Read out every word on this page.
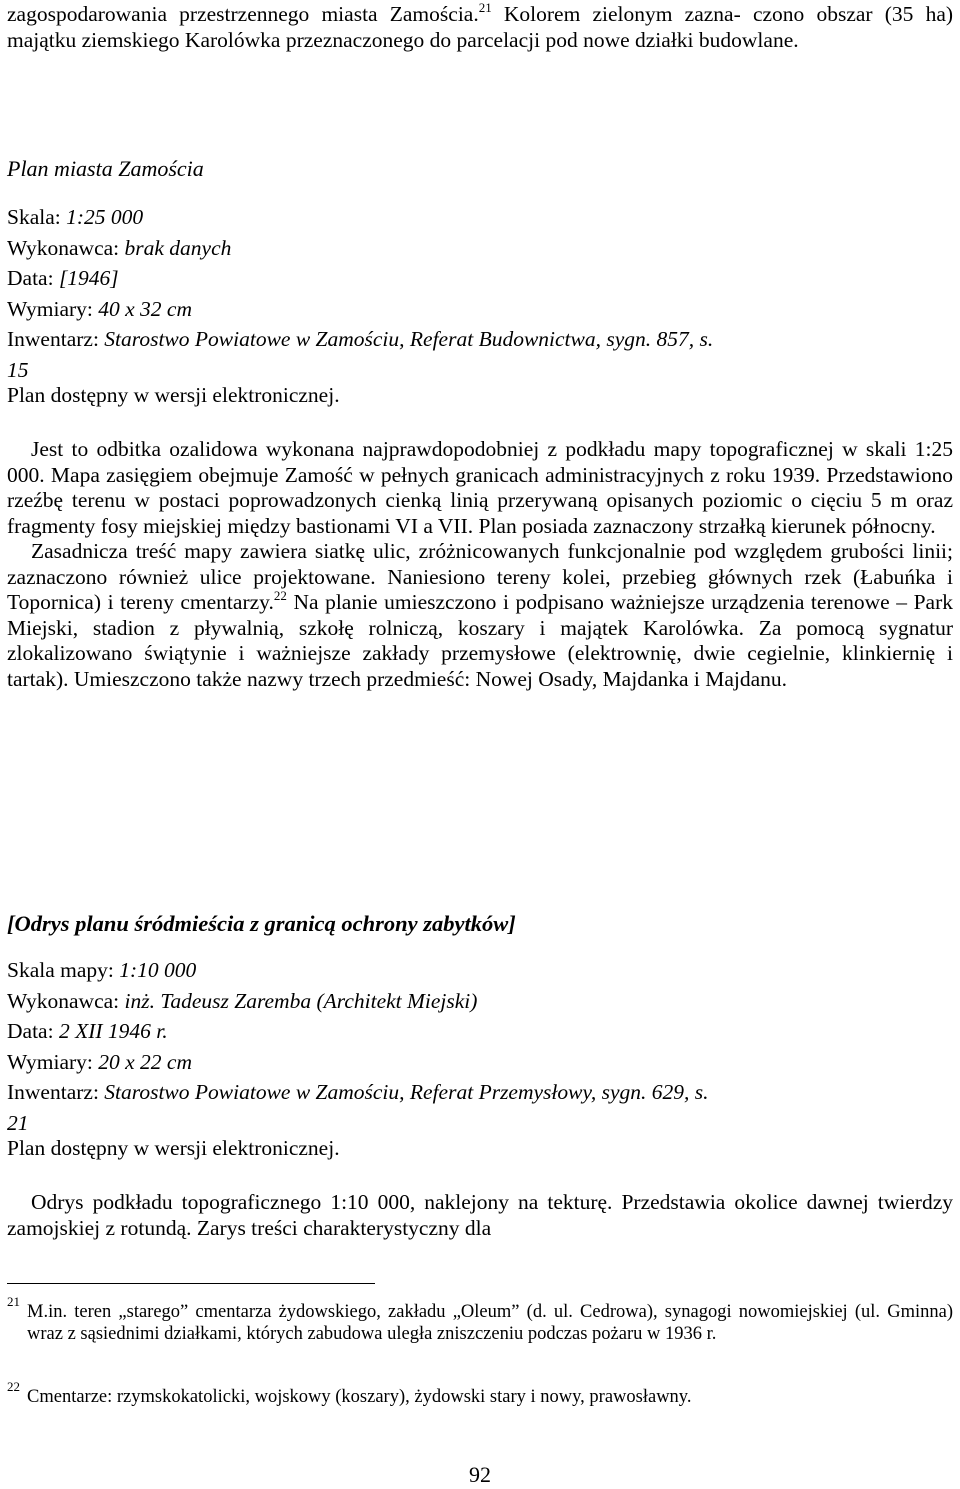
zagospodarowania przestrzennego miasta Zamościa.$^{21}$ Kolorem zielonym zazna- czono obszar (35 ha) majątku ziemskiego Karolówka przeznaczonego do parcelacji pod nowe działki budowlane.

Plan miasta Zamościa

Skala: 1:25 000

Wykonawca: brak danych

Data: [1946]

Wymiary: 40 x 32 cm

Inwentarz: Starostwo Powiatowe w Zamościu, Referat Budownictwa, sygn. 857, s.

15

Plan dostępny w wersji elektronicznej.

Jest to odbitka ozalidowa wykonana najprawdopodobniej z podkładu mapy topograficznej w skali 1:25 000. Mapa zasięgiem obejmuje Zamość w pełnych granicach administracyjnych z roku 1939. Przedstawiono rzeźbę terenu w postaci poprowadzonych cienką linią przerywaną opisanych poziomic o cięciu 5 m oraz fragmenty fosy miejskiej między bastionami VI a VII. Plan posiada zaznaczony strzałką kierunek północny.

Zasadnicza treść mapy zawiera siatkę ulic, zróżnicowanych funkcjonalnie pod względem grubości linii; zaznaczono również ulice projektowane. Naniesiono tereny kolei, przebieg głównych rzek (Łabuńka i Topornica) i tereny cmentarzy.$^{22}$ Na planie umieszczono i podpisano ważniejsze urządzenia terenowe – Park Miejski, stadion z pływalnią, szkołę rolniczą, koszary i majątek Karolówka. Za pomocą sygnatur zlokalizowano świątynie i ważniejsze zakłady przemysłowe (elektrownię, dwie cegielnie, klinkiernię i tartak). Umieszczono także nazwy trzech przedmieść: Nowej Osady, Majdanka i Majdanu.

[Odrys planu śródmieścia z granicą ochrony zabytków]

Skala mapy: 1:10 000

Wykonawca: inż. Tadeusz Zaremba (Architekt Miejski)

Data: 2 XII 1946 r.

Wymiary: 20 x 22 cm

Inwentarz: Starostwo Powiatowe w Zamościu, Referat Przemysłowy, sygn. 629, s.

21

Plan dostępny w wersji elektronicznej.

Odrys podkładu topograficznego 1:10 000, naklejony na tekturę. Przedstawia okolice dawnej twierdzy zamojskiej z rotundą. Zarys treści charakterystyczny dla

21

M.in. teren „starego” cmentarza żydowskiego, zakładu „Oleum” (d. ul. Cedrowa), synagogi nowomiejskiej (ul. Gminna) wraz z sąsiednimi działkami, których zabudowa uległa zniszczeniu podczas pożaru w 1936 r.

22

Cmentarze: rzymskokatolicki, wojskowy (koszary), żydowski stary i nowy, prawosławny.

92
